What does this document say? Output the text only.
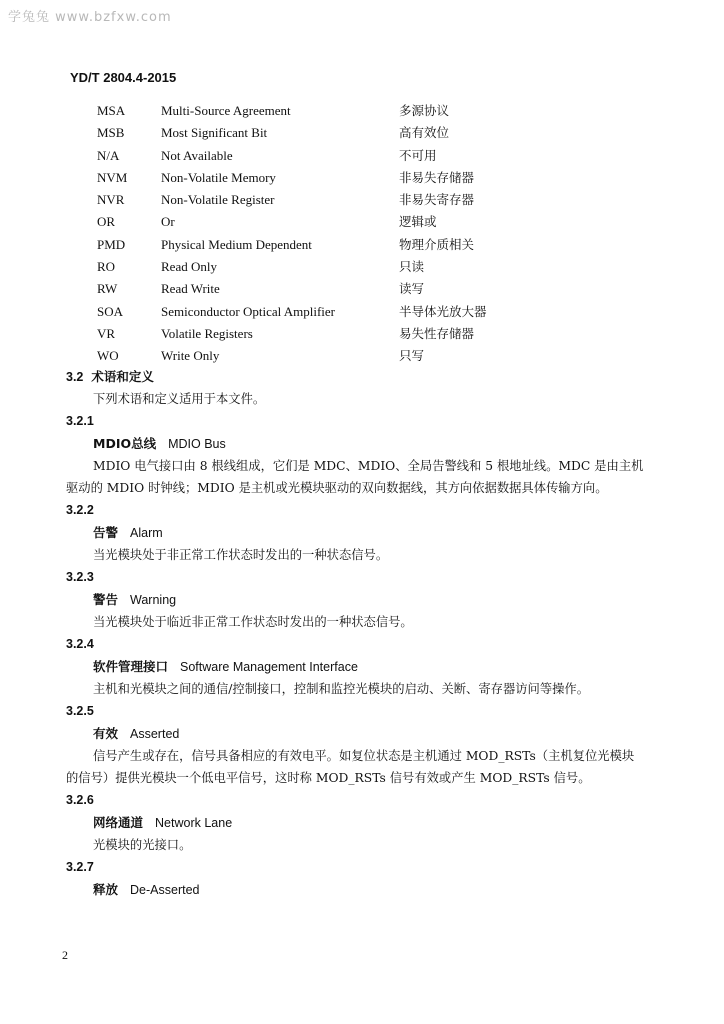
学兔兔 www.bzfxw.com
YD/T 2804.4-2015
MSA	Multi-Source Agreement	多源协议
MSB	Most Significant Bit	高有效位
N/A	Not Available	不可用
NVM	Non-Volatile Memory	非易失存储器
NVR	Non-Volatile Register	非易失寄存器
OR	Or	逻辑或
PMD	Physical Medium Dependent	物理介质相关
RO	Read Only	只读
RW	Read Write	读写
SOA	Semiconductor Optical Amplifier	半导体光放大器
VR	Volatile Registers	易失性存储器
WO	Write Only	只写
3.2 术语和定义
下列术语和定义适用于本文件。
3.2.1
MDIO总线 MDIO Bus
MDIO 电气接口由 8 根线组成，它们是 MDC、MDIO、全局告警线和 5 根地址线。MDC 是由主机
驱动的 MDIO 时钟线；MDIO 是主机或光模块驱动的双向数据线，其方向依据数据具体传输方向。
3.2.2
告警 Alarm
当光模块处于非正常工作状态时发出的一种状态信号。
3.2.3
警告 Warning
当光模块处于临近非正常工作状态时发出的一种状态信号。
3.2.4
软件管理接口 Software Management Interface
主机和光模块之间的通信/控制接口，控制和监控光模块的启动、关断、寄存器访问等操作。
3.2.5
有效 Asserted
信号产生或存在，信号具备相应的有效电平。如复位状态是主机通过 MOD_RSTs（主机复位光模块
的信号）提供光模块一个低电平信号，这时称 MOD_RSTs 信号有效或产生 MOD_RSTs 信号。
3.2.6
网络通道 Network Lane
光模块的光接口。
3.2.7
释放 De-Asserted
2
